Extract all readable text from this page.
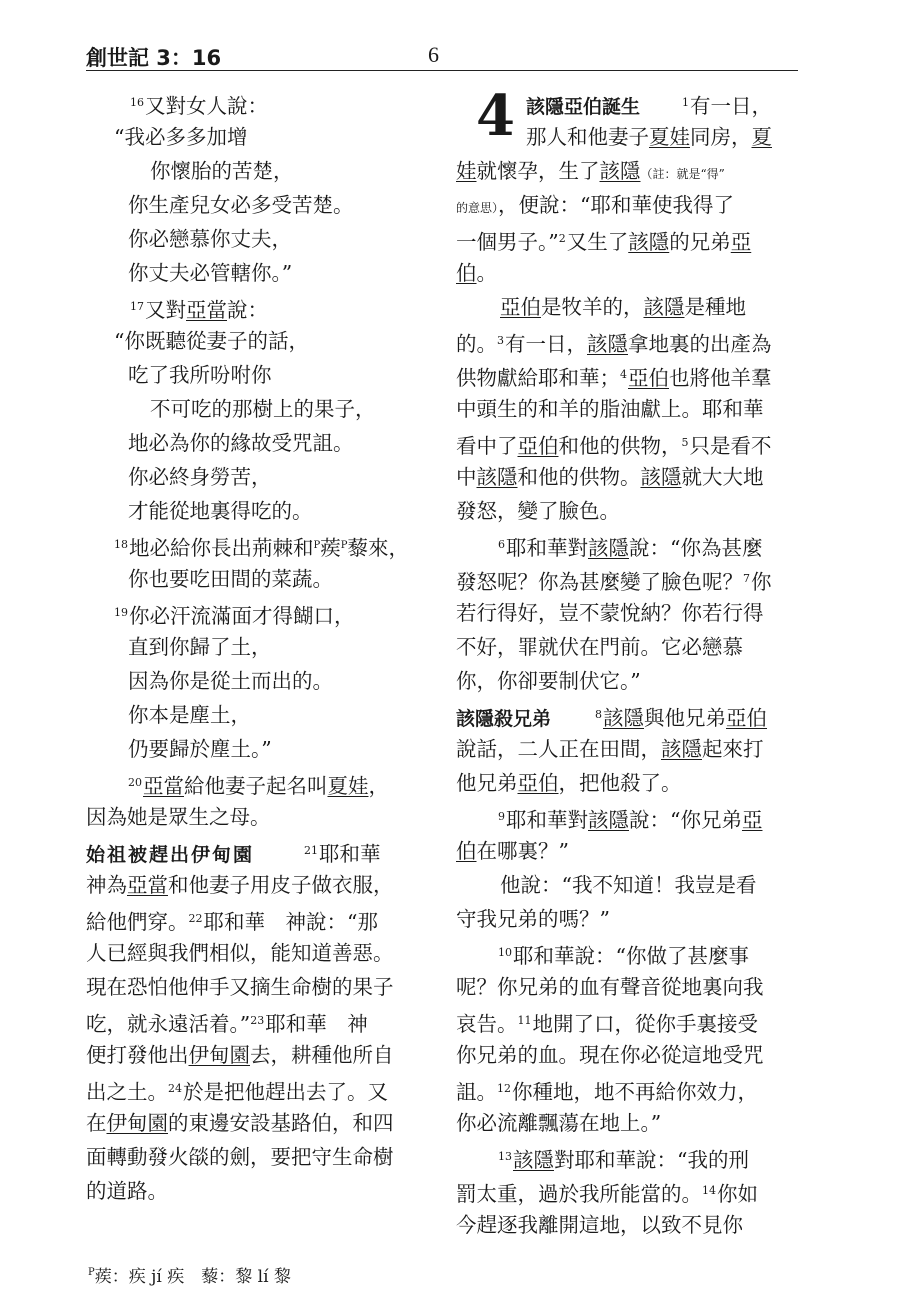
創世記 3：16	6
$^{16}$又對女人說：
“我必多多加增
你懷胎的苦楚，
你生產兒女必多受苦楚。
你必戀慕你丈夫，
你丈夫必管轄你。”
$^{17}$又對亞當說：
“你既聽從妻子的話，
吃了我所吩咐你
不可吃的那樹上的果子，
地必為你的緣故受咒詛。
你必終身勞苦，
才能從地裏得吃的。
$^{18}$地必給你長出荊棘和$^P$蒺$^P$藜來，
你也要吃田間的菜蔬。
$^{19}$你必汗流滿面才得餬口，
直到你歸了土，
因為你是從土而出的。
你本是塵土，
仍要歸於塵土。”
$^{20}$亞當給他妻子起名叫夏娃，
因為她是眾生之母。
始祖被趕出伊甸園	$^{21}$耶和華
神為亞當和他妻子用皮子做衣服，
給他們穿。$^{22}$耶和華　神說：“那
人已經與我們相似，能知道善惡。
現在恐怕他伸手又摘生命樹的果子
吃，就永遠活着。”$^{23}$耶和華　神
便打發他出伊甸園去，耕種他所自
出之土。$^{24}$於是把他趕出去了。又
在伊甸園的東邊安設基路伯，和四
面轉動發火燄的劍，要把守生命樹
的道路。
4 該隱亞伯誕生	$^1$有一日，
那人和他妻子夏娃同房，夏
娃就懷孕，生了該隱（註：就是“得”
的意思），便說：“耶和華使我得了
一個男子。”$^2$又生了該隱的兄弟亞
伯。
亞伯是牧羊的，該隱是種地
的。$^3$有一日，該隱拿地裏的出產為
供物獻給耶和華；$^4$亞伯也將他羊羣
中頭生的和羊的脂油獻上。耶和華
看中了亞伯和他的供物，$^5$只是看不
中該隱和他的供物。該隱就大大地
發怒，變了臉色。
$^6$耶和華對該隱說：“你為甚麼
發怒呢？你為甚麼變了臉色呢？$^7$你
若行得好，豈不蒙悅納？你若行得
不好，罪就伏在門前。它必戀慕
你，你卻要制伏它。”
該隱殺兄弟	$^8$該隱與他兄弟亞伯
說話，二人正在田間，該隱起來打
他兄弟亞伯，把他殺了。
$^9$耶和華對該隱說：“你兄弟亞
伯在哪裏？”
他說：“我不知道！我豈是看
守我兄弟的嗎？”
$^{10}$耶和華說：“你做了甚麼事
呢？你兄弟的血有聲音從地裏向我
哀告。$^{11}$地開了口，從你手裏接受
你兄弟的血。現在你必從這地受咒
詛。$^{12}$你種地，地不再給你效力，
你必流離飄蕩在地上。”
$^{13}$該隱對耶和華說：“我的刑
罰太重，過於我所能當的。$^{14}$你如
今趕逐我離開這地，以致不見你
$^P$蒺：疾 jí 疾　藜：黎 lí 黎
